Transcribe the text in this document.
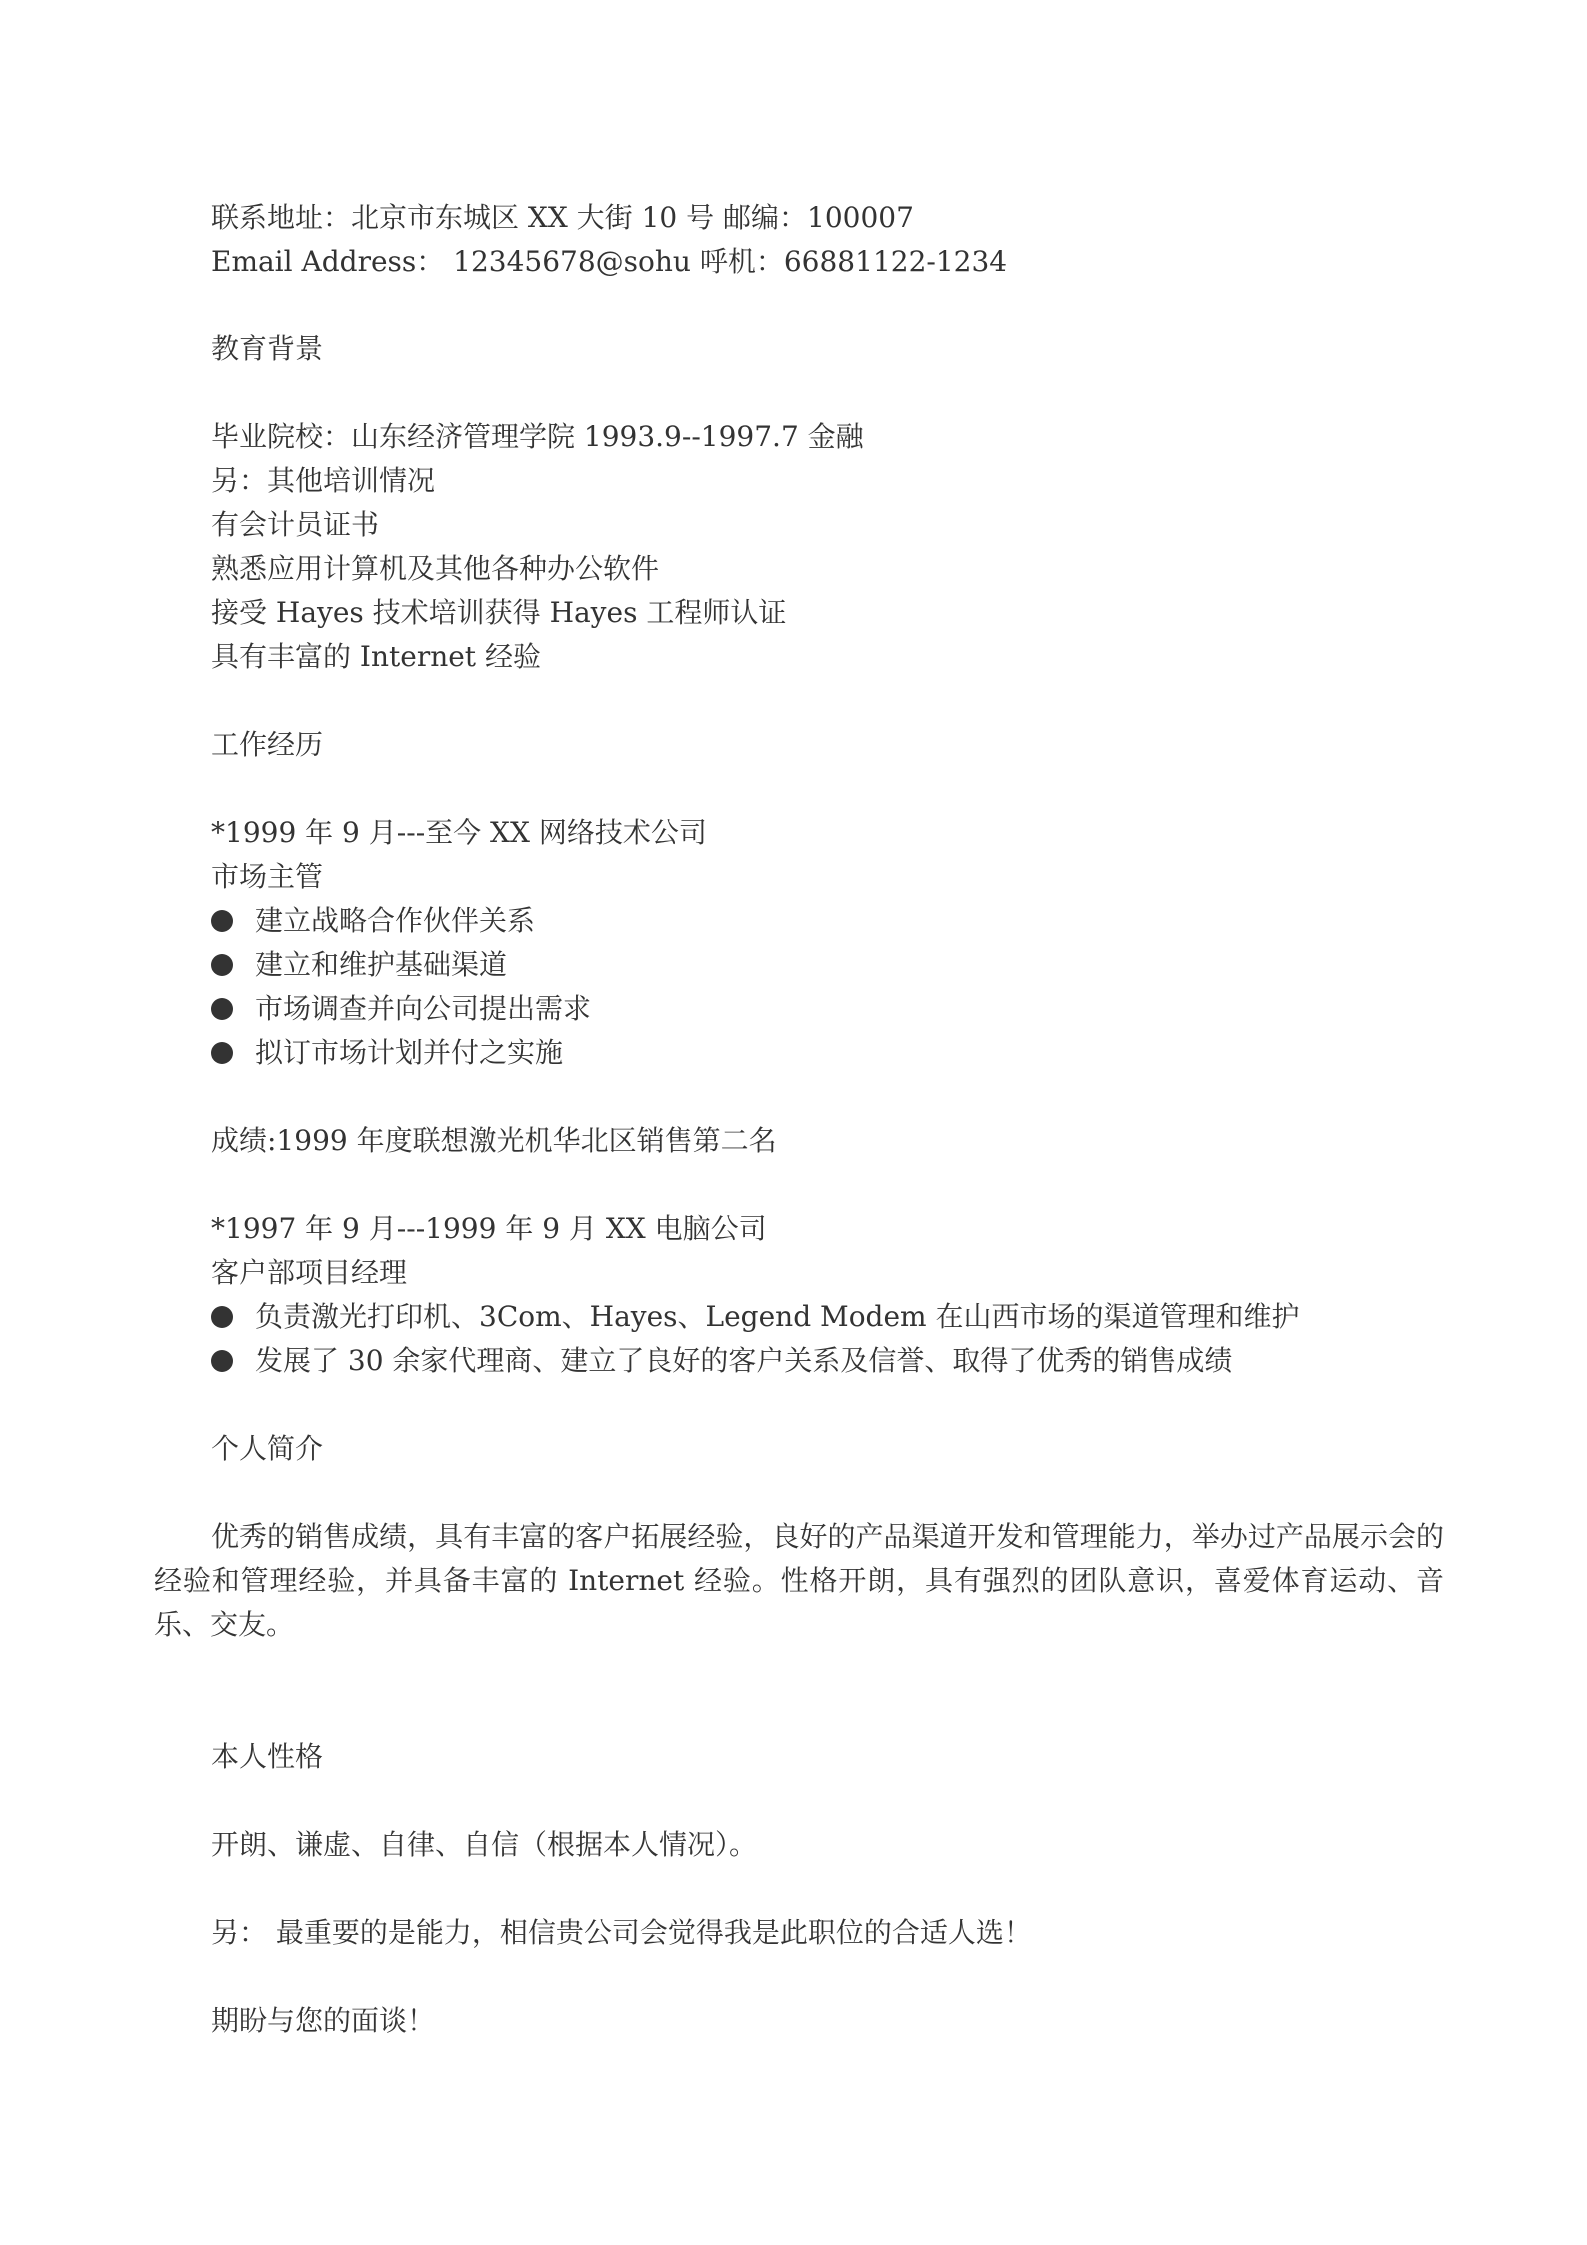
联系地址：北京市东城区 XX 大街 10 号 邮编：100007
Email Address： 12345678@sohu 呼机：66881122-1234
教育背景
毕业院校：山东经济管理学院 1993.9--1997.7 金融
另：其他培训情况
有会计员证书
熟悉应用计算机及其他各种办公软件
接受 Hayes 技术培训获得 Hayes 工程师认证
具有丰富的 Internet 经验
工作经历
*1999 年 9 月---至今 XX 网络技术公司
市场主管
建立战略合作伙伴关系
建立和维护基础渠道
市场调查并向公司提出需求
拟订市场计划并付之实施
成绩:1999 年度联想激光机华北区销售第二名
*1997 年 9 月---1999 年 9 月 XX 电脑公司
客户部项目经理
负责激光打印机、3Com、Hayes、Legend Modem 在山西市场的渠道管理和维护
发展了 30 余家代理商、建立了良好的客户关系及信誉、取得了优秀的销售成绩
个人简介
优秀的销售成绩，具有丰富的客户拓展经验，良好的产品渠道开发和管理能力，举办过产品展示会的经验和管理经验，并具备丰富的 Internet 经验。性格开朗，具有强烈的团队意识，喜爱体育运动、音乐、交友。
本人性格
开朗、谦虚、自律、自信（根据本人情况）。
另： 最重要的是能力，相信贵公司会觉得我是此职位的合适人选！
期盼与您的面谈！
